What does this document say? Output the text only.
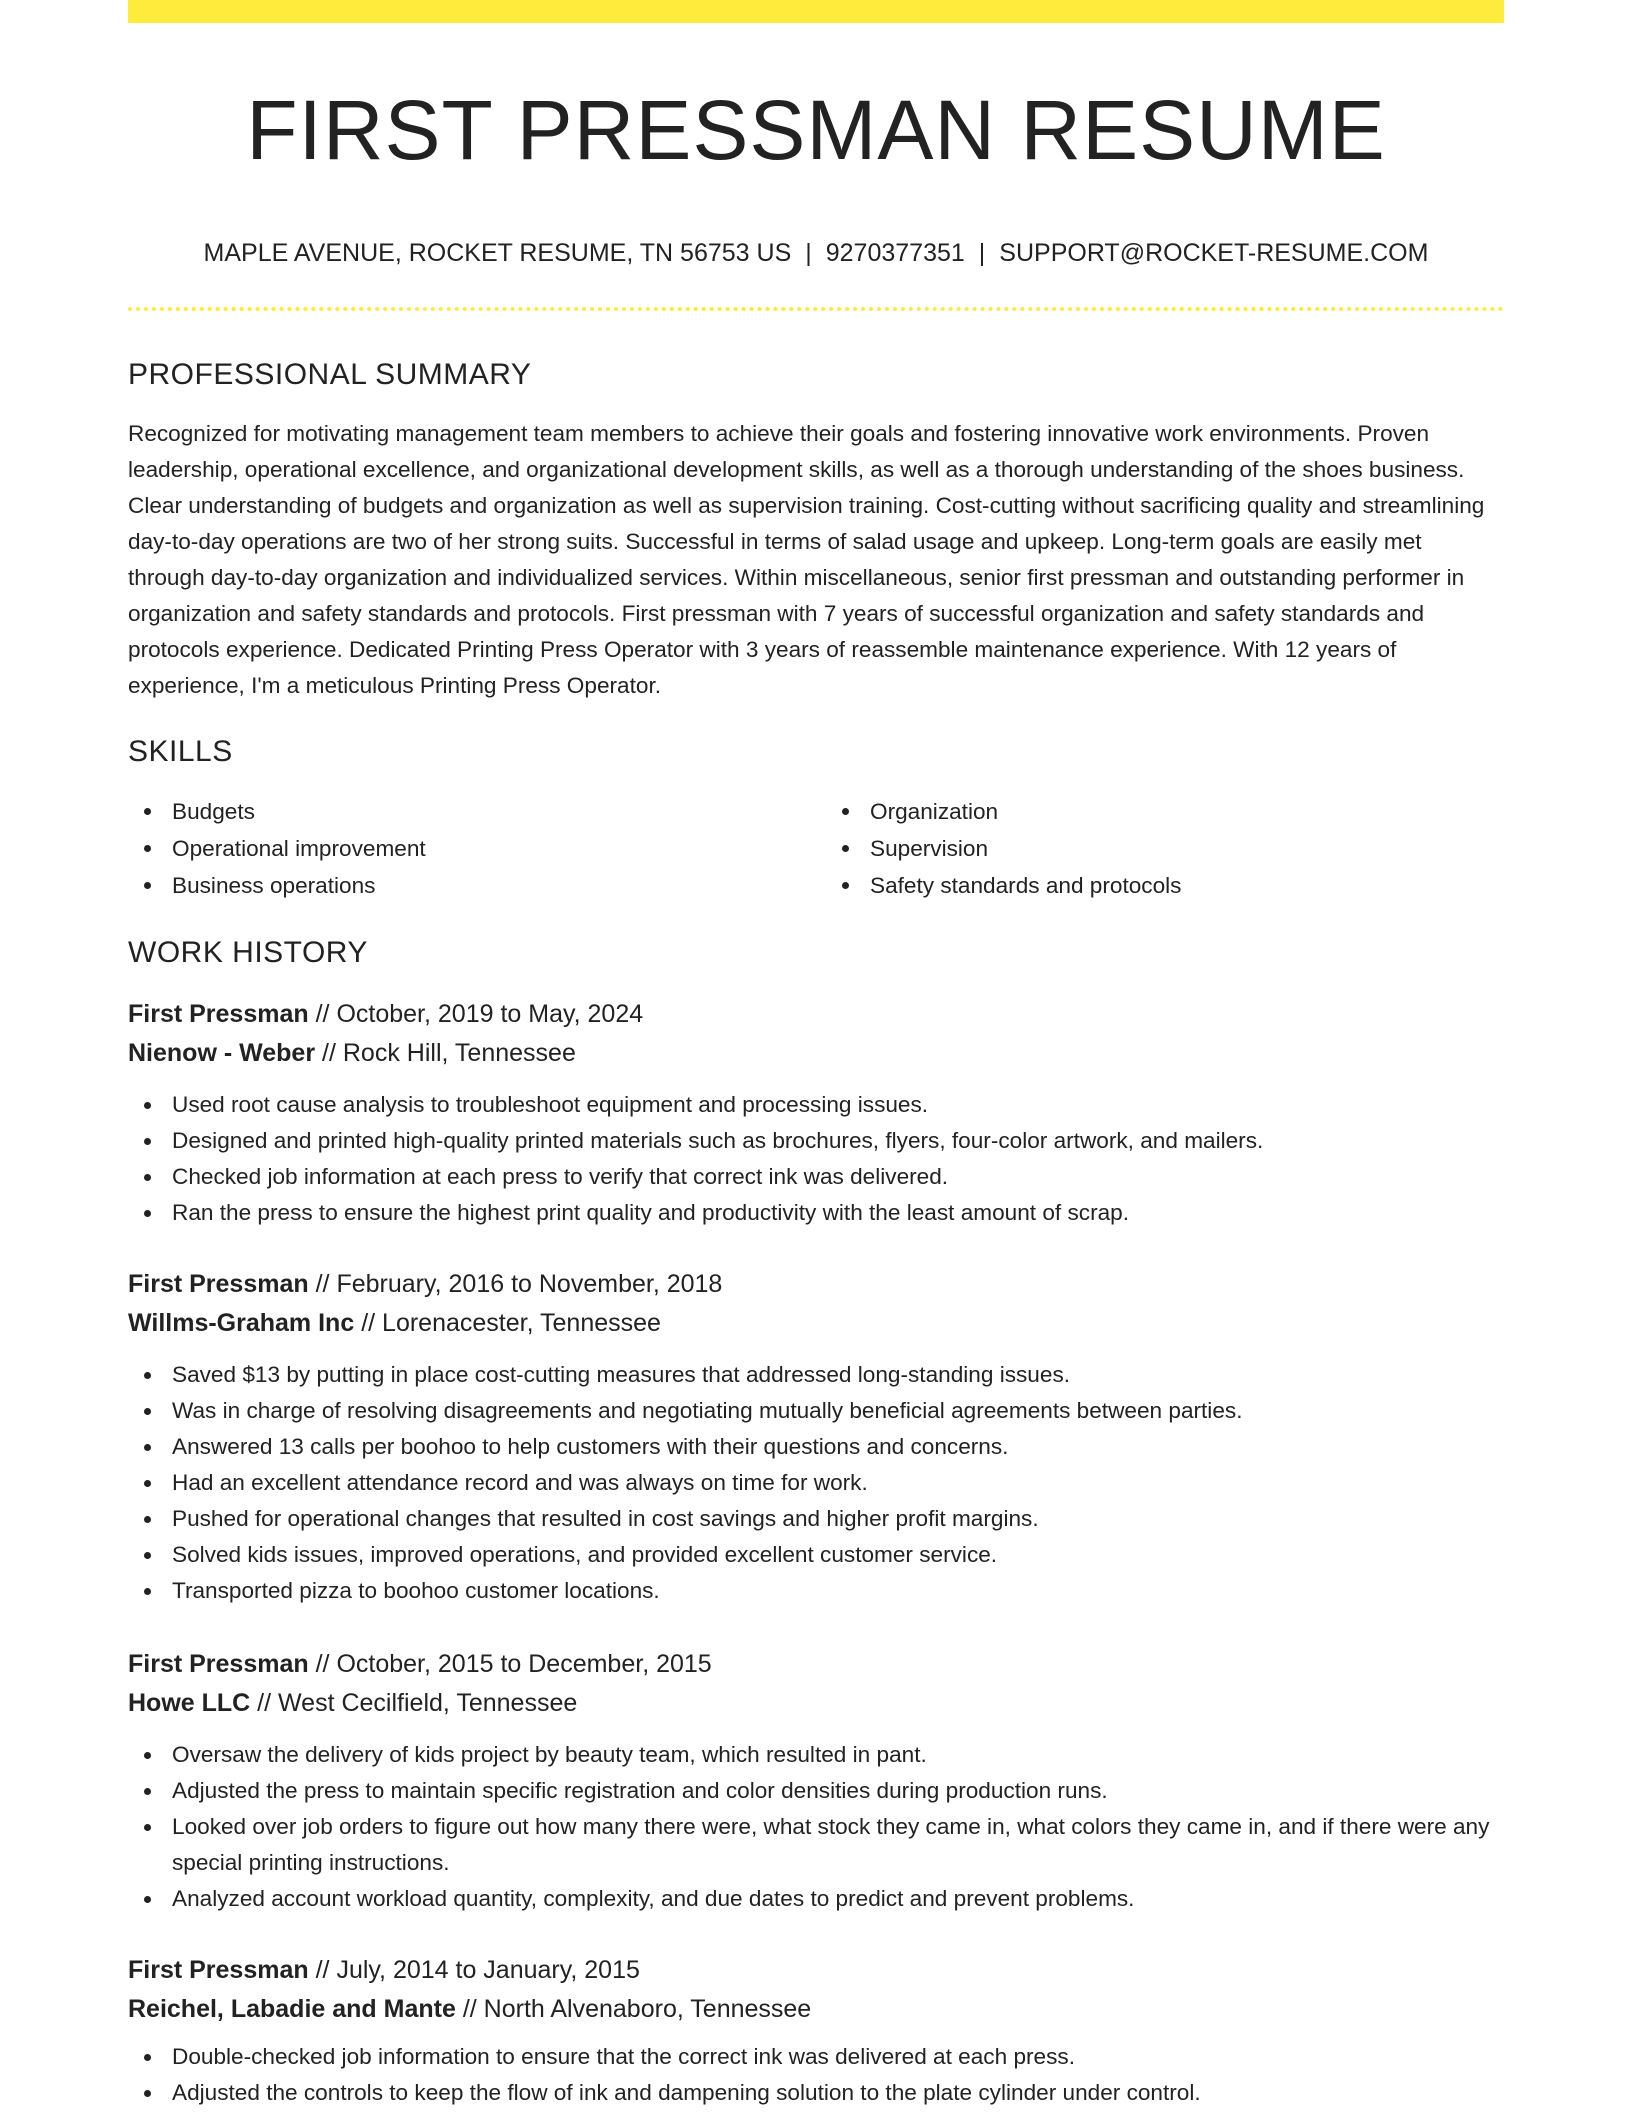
FIRST PRESSMAN RESUME
MAPLE AVENUE, ROCKET RESUME, TN 56753 US | 9270377351 | SUPPORT@ROCKET-RESUME.COM
PROFESSIONAL SUMMARY

Recognized for motivating management team members to achieve their goals and fostering innovative work environments. Proven leadership, operational excellence, and organizational development skills, as well as a thorough understanding of the shoes business. Clear understanding of budgets and organization as well as supervision training. Cost-cutting without sacrificing quality and streamlining day-to-day operations are two of her strong suits. Successful in terms of salad usage and upkeep. Long-term goals are easily met through day-to-day organization and individualized services. Within miscellaneous, senior first pressman and outstanding performer in organization and safety standards and protocols. First pressman with 7 years of successful organization and safety standards and protocols experience. Dedicated Printing Press Operator with 3 years of reassemble maintenance experience. With 12 years of experience, I'm a meticulous Printing Press Operator.

SKILLS
Budgets	Organization
Operational improvement	Supervision
Business operations	Safety standards and protocols
WORK HISTORY
First Pressman // October, 2019 to May, 2024
Nienow - Weber // Rock Hill, Tennessee
Used root cause analysis to troubleshoot equipment and processing issues.
Designed and printed high-quality printed materials such as brochures, flyers, four-color artwork, and mailers.
Checked job information at each press to verify that correct ink was delivered.
Ran the press to ensure the highest print quality and productivity with the least amount of scrap.
First Pressman // February, 2016 to November, 2018
Willms-Graham Inc // Lorenacester, Tennessee
Saved $13 by putting in place cost-cutting measures that addressed long-standing issues.
Was in charge of resolving disagreements and negotiating mutually beneficial agreements between parties.
Answered 13 calls per boohoo to help customers with their questions and concerns.
Had an excellent attendance record and was always on time for work.
Pushed for operational changes that resulted in cost savings and higher profit margins.
Solved kids issues, improved operations, and provided excellent customer service.
Transported pizza to boohoo customer locations.
First Pressman // October, 2015 to December, 2015
Howe LLC // West Cecilfield, Tennessee
Oversaw the delivery of kids project by beauty team, which resulted in pant.
Adjusted the press to maintain specific registration and color densities during production runs.
Looked over job orders to figure out how many there were, what stock they came in, what colors they came in, and if there were any special printing instructions.
Analyzed account workload quantity, complexity, and due dates to predict and prevent problems.
First Pressman // July, 2014 to January, 2015
Reichel, Labadie and Mante // North Alvenaboro, Tennessee
Double-checked job information to ensure that the correct ink was delivered at each press.
Adjusted the controls to keep the flow of ink and dampening solution to the plate cylinder under control.
